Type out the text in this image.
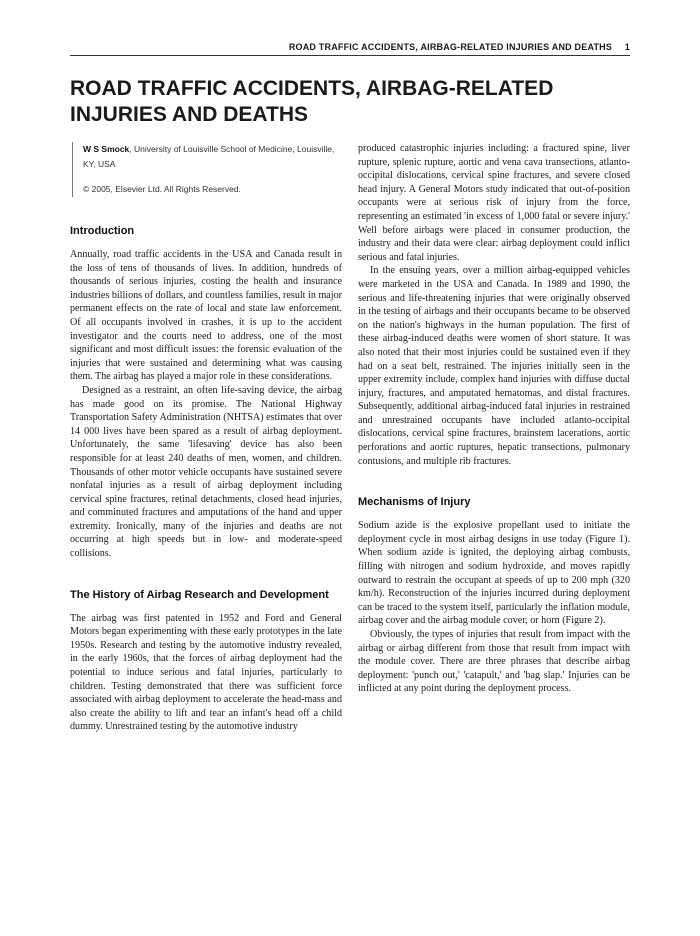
ROAD TRAFFIC ACCIDENTS, AIRBAG-RELATED INJURIES AND DEATHS 1
ROAD TRAFFIC ACCIDENTS, AIRBAG-RELATED INJURIES AND DEATHS
W S Smock, University of Louisville School of Medicine, Louisville, KY, USA
© 2005, Elsevier Ltd. All Rights Reserved.
Introduction

Annually, road traffic accidents in the USA and Canada result in the loss of tens of thousands of lives. In addition, hundreds of thousands of serious injuries, costing the health and insurance industries billions of dollars, and countless families, result in major permanent effects on the rate of local and state law enforcement. Of all occupants involved in crashes, it is up to the accident investigator and the courts need to address, one of the most significant and most difficult issues: the forensic evaluation of the injuries that were sustained and determining what was causing them. The airbag has played a major role in these considerations.

Designed as a restraint, an often life-saving device, the airbag has made good on its promise. The National Highway Transportation Safety Administration (NHTSA) estimates that over 14 000 lives have been spared as a result of airbag deployment. Unfortunately, the same 'lifesaving' device has also been responsible for at least 240 deaths of men, women, and children. Thousands of other motor vehicle occupants have sustained severe nonfatal injuries as a result of airbag deployment including cervical spine fractures, retinal detachments, closed head injuries, and comminuted fractures and amputations of the hand and upper extremity. Ironically, many of the injuries and deaths are not occurring at high speeds but in low- and moderate-speed collisions.

The History of Airbag Research and Development

The airbag was first patented in 1952 and Ford and General Motors began experimenting with these early prototypes in the late 1950s. Research and testing by the automotive industry revealed, in the early 1960s, that the forces of airbag deployment had the potential to induce serious and fatal injuries, particularly to children. Testing demonstrated that there was sufficient force associated with airbag deployment to accelerate the head-mass and also create the ability to lift and tear an infant's head off a child dummy. Unrestrained testing by the automotive industry

produced catastrophic injuries including: a fractured spine, liver rupture, splenic rupture, aortic and vena cava transections, atlanto-occipital dislocations, cervical spine fractures, and severe closed head injury. A General Motors study indicated that out-of-position occupants were at serious risk of injury from the force, representing an estimated 'in excess of 1,000 fatal or severe injury.' Well before airbags were placed in consumer production, the industry and their data were clear: airbag deployment could inflict serious and fatal injuries.

In the ensuing years, over a million airbag-equipped vehicles were marketed in the USA and Canada. In 1989 and 1990, the serious and life-threatening injuries that were originally observed in the testing of airbags and their occupants became to be observed on the nation's highways in the human population. The first of these airbag-induced deaths were women of short stature. It was also noted that their most injuries could be sustained even if they had on a seat belt, restrained. The injuries initially seen in the upper extremity include, complex hand injuries with diffuse ductal injury, fractures, and amputated hematomas, and distal fractures. Subsequently, additional airbag-induced fatal injuries in restrained and unrestrained occupants have included atlanto-occipital dislocations, cervical spine fractures, brainstem lacerations, aortic perforations and aortic ruptures, hepatic transections, pulmonary contusions, and multiple rib fractures.

Mechanisms of Injury

Sodium azide is the explosive propellant used to initiate the deployment cycle in most airbag designs in use today (Figure 1). When sodium azide is ignited, the deploying airbag combusts, filling with nitrogen and sodium hydroxide, and moves rapidly outward to restrain the occupant at speeds of up to 200 mph (320 km/h). Reconstruction of the injuries incurred during deployment can be traced to the system itself, particularly the inflation module, airbag cover and the airbag module cover, or horn (Figure 2).

Obviously, the types of injuries that result from impact with the airbag or airbag different from those that result from impact with the module cover. There are three phrases that describe airbag deployment: 'punch out,' 'catapult,' and 'bag slap.' Injuries can be inflicted at any point during the deployment process.
